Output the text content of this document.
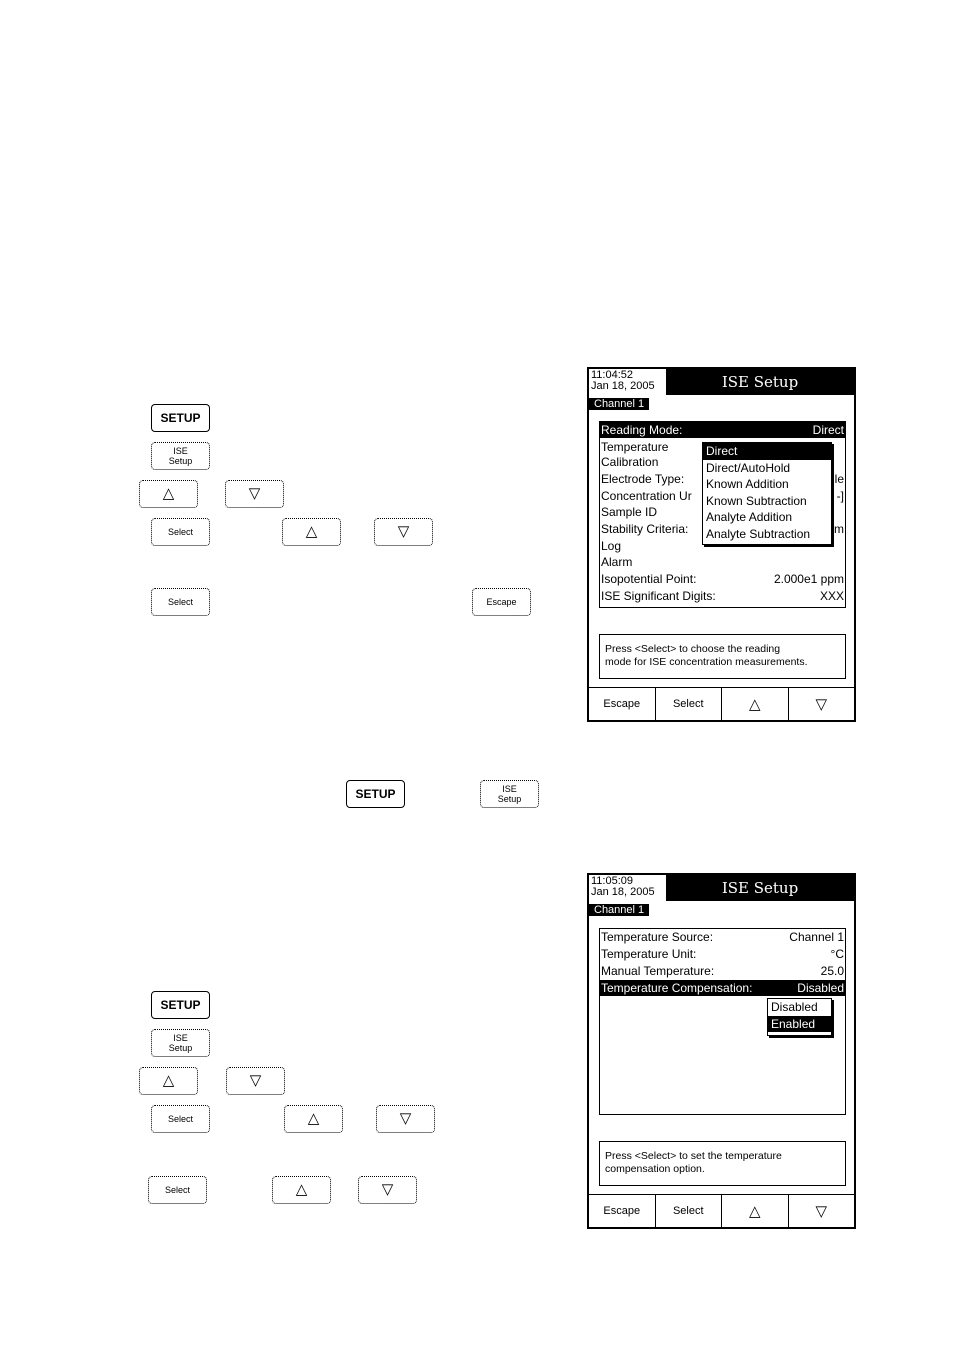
SETUP
ISE
Setup
△	▽
Select	△	▽
Select	Escape
11:04:52
Jan 18, 2005	ISE Setup
Channel 1
Reading Mode:	Direct
Temperature
Calibration
Electrode Type:	le
Concentration Ur	-]
Sample ID
Stability Criteria:	m
Log
Alarm
Isopotential Point:	2.000e1 ppm
ISE Significant Digits:	XXX
Direct
Direct/AutoHold
Known Addition
Known Subtraction
Analyte Addition
Analyte Subtraction
Press <Select> to choose the reading
mode for ISE concentration measurements.
Escape	Select	△	▽
SETUP	ISE
Setup
SETUP
ISE
Setup
△	▽
Select	△	▽
Select	△	▽
11:05:09
Jan 18, 2005	ISE Setup
Channel 1
Temperature Source:	Channel 1
Temperature Unit:	°C
Manual Temperature:	25.0
Temperature Compensation:	Disabled
Disabled
Enabled
Press <Select> to set the temperature
compensation option.
Escape	Select	△	▽
